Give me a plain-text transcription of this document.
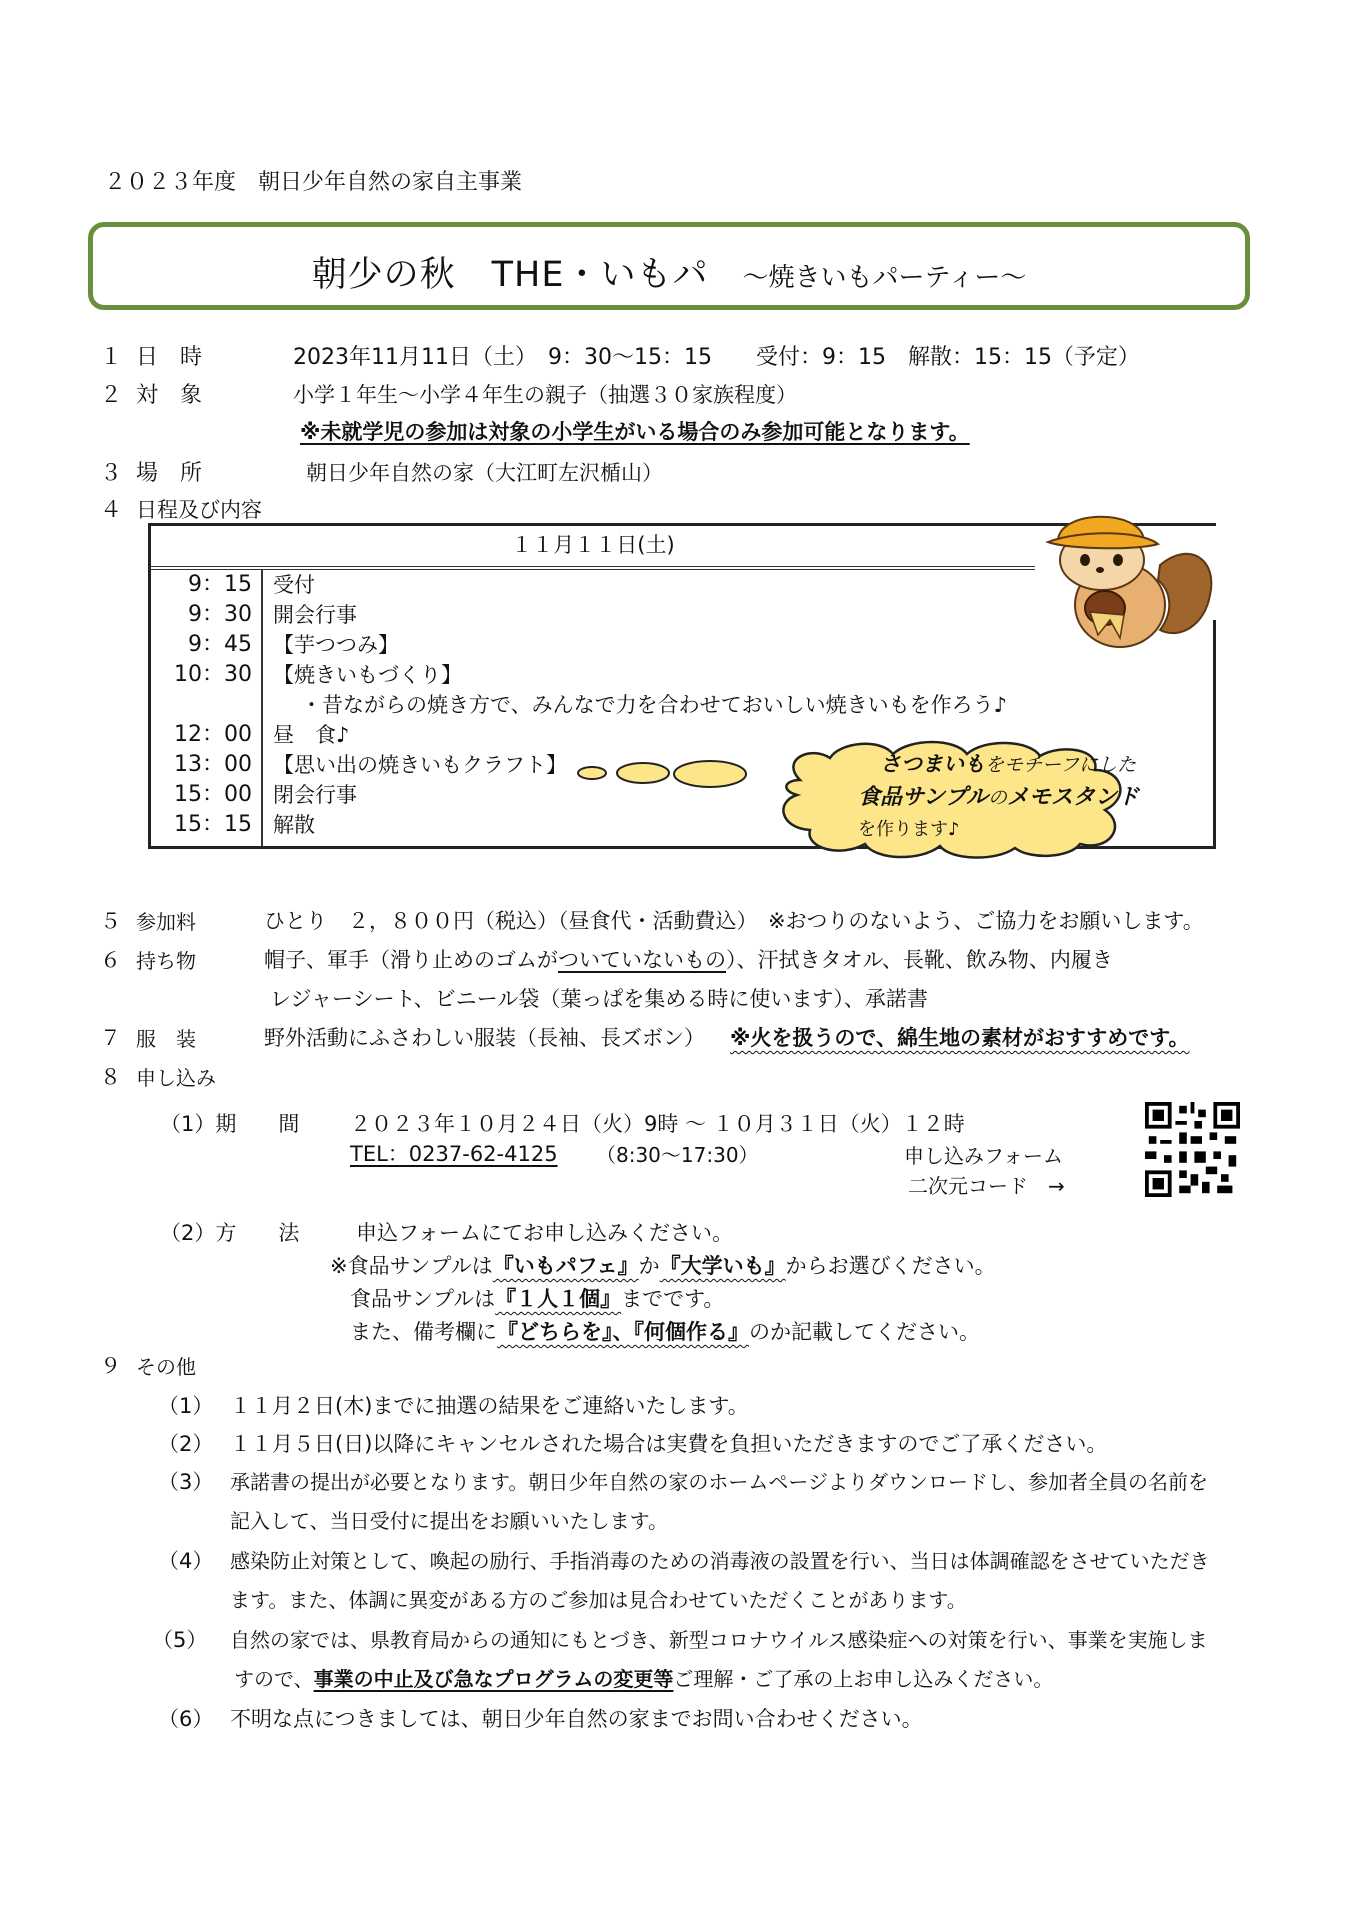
２０２３年度　朝日少年自然の家自主事業
朝少の秋　THE・いもパ 〜焼きいもパーティー〜
１ 日　時	2023年11月11日（土）　9：30〜15：15　　受付：9：15　解散：15：15（予定）
２ 対　象	小学１年生〜小学４年生の親子（抽選３０家族程度）
※未就学児の参加は対象の小学生がいる場合のみ参加可能となります。
３ 場　所	朝日少年自然の家（大江町左沢楯山）
４ 日程及び内容
１１月１１日(土)
9：15 受付
9：30 開会行事
9：45 【芋つつみ】
10：30 【焼きいもづくり】
・昔ながらの焼き方で、みんなで力を合わせておいしい焼きいもを作ろう♪
12：00 昼　食♪
13：00 【思い出の焼きいもクラフト】
15：00 閉会行事
15：15 解散
さつまいもをモチーフにした
食品サンプルのメモスタンド
を作ります♪
５ 参加料	ひとり　２，８００円（税込）（昼食代・活動費込）　※おつりのないよう、ご協力をお願いします。
６ 持ち物	帽子、軍手（滑り止めのゴムがついていないもの）、汗拭きタオル、長靴、飲み物、内履き
レジャーシート、ビニール袋（葉っぱを集める時に使います）、承諾書
７ 服　装	野外活動にふさわしい服装（長袖、長ズボン） ※火を扱うので、綿生地の素材がおすすめです。
８ 申し込み
（1）期　　間 ２０２３年１０月２４日（火）9時 〜 １０月３１日（火）１２時
TEL：0237-62-4125 （8:30〜17:30）	申し込みフォーム
二次元コード　→
（2）方　　法	申込フォームにてお申し込みください。
※食品サンプルは『いもパフェ』か『大学いも』からお選びください。
食品サンプルは『１人１個』までです。
また、備考欄に『どちらを』、『何個作る』のか記載してください。
９ その他
（1） １１月２日(木)までに抽選の結果をご連絡いたします。
（2） １１月５日(日)以降にキャンセルされた場合は実費を負担いただきますのでご了承ください。
（3） 承諾書の提出が必要となります。朝日少年自然の家のホームページよりダウンロードし、参加者全員の名前を
記入して、当日受付に提出をお願いいたします。
（4） 感染防止対策として、喚起の励行、手指消毒のための消毒液の設置を行い、当日は体調確認をさせていただき
ます。また、体調に異変がある方のご参加は見合わせていただくことがあります。
（5） 自然の家では、県教育局からの通知にもとづき、新型コロナウイルス感染症への対策を行い、事業を実施しま
すので、事業の中止及び急なプログラムの変更等ご理解・ご了承の上お申し込みください。
（6） 不明な点につきましては、朝日少年自然の家までお問い合わせください。
